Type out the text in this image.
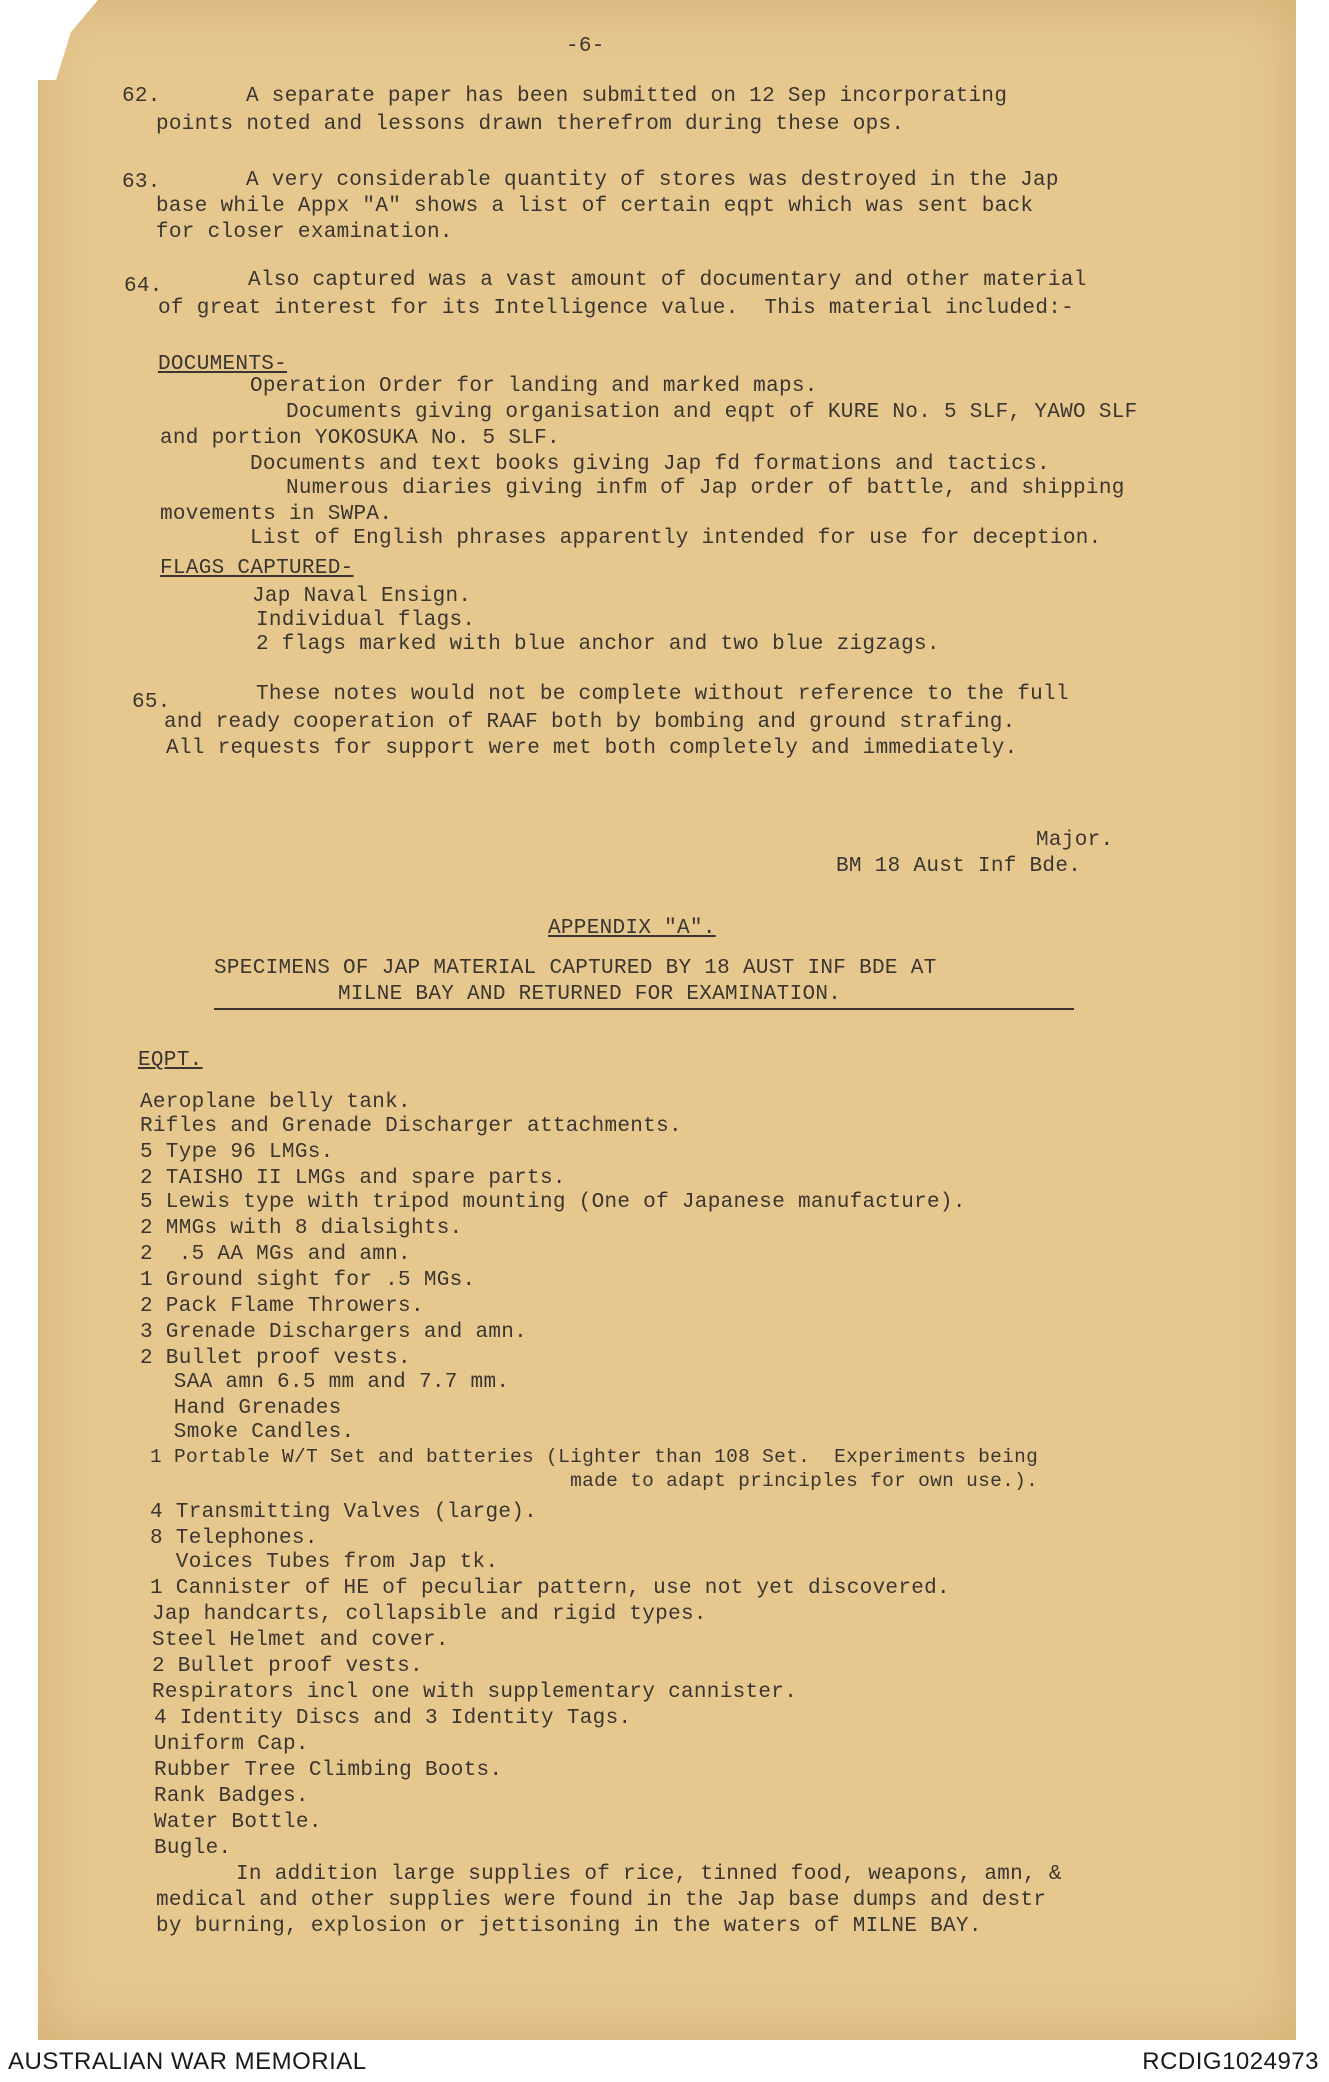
-6-
62.	A separate paper has been submitted on 12 Sep incorporating
points noted and lessons drawn therefrom during these ops.
63.	A very considerable quantity of stores was destroyed in the Jap
base while Appx "A" shows a list of certain eqpt which was sent back
for closer examination.
64.	Also captured was a vast amount of documentary and other material
of great interest for its Intelligence value.  This material included:-
DOCUMENTS-
Operation Order for landing and marked maps.
Documents giving organisation and eqpt of KURE No. 5 SLF, YAWO SLF
and portion YOKOSUKA No. 5 SLF.
Documents and text books giving Jap fd formations and tactics.
Numerous diaries giving infm of Jap order of battle, and shipping
movements in SWPA.
List of English phrases apparently intended for use for deception.
FLAGS CAPTURED-
Jap Naval Ensign.
Individual flags.
2 flags marked with blue anchor and two blue zigzags.
65.	These notes would not be complete without reference to the full
and ready cooperation of RAAF both by bombing and ground strafing.
All requests for support were met both completely and immediately.
Major.
BM 18 Aust Inf Bde.
APPENDIX "A".
SPECIMENS OF JAP MATERIAL CAPTURED BY 18 AUST INF BDE AT
MILNE BAY AND RETURNED FOR EXAMINATION.
EQPT.
Aeroplane belly tank.
Rifles and Grenade Discharger attachments.
5 Type 96 LMGs.
2 TAISHO II LMGs and spare parts.
5 Lewis type with tripod mounting (One of Japanese manufacture).
2 MMGs with 8 dialsights.
2  .5 AA MGs and amn.
1 Ground sight for .5 MGs.
2 Pack Flame Throwers.
3 Grenade Dischargers and amn.
2 Bullet proof vests.
SAA amn 6.5 mm and 7.7 mm.
Hand Grenades
Smoke Candles.
1 Portable W/T Set and batteries (Lighter than 108 Set.  Experiments being
made to adapt principles for own use.).
4 Transmitting Valves (large).
8 Telephones.
Voices Tubes from Jap tk.
1 Cannister of HE of peculiar pattern, use not yet discovered.
Jap handcarts, collapsible and rigid types.
Steel Helmet and cover.
2 Bullet proof vests.
Respirators incl one with supplementary cannister.
4 Identity Discs and 3 Identity Tags.
Uniform Cap.
Rubber Tree Climbing Boots.
Rank Badges.
Water Bottle.
Bugle.
In addition large supplies of rice, tinned food, weapons, amn, &
medical and other supplies were found in the Jap base dumps and destr
by burning, explosion or jettisoning in the waters of MILNE BAY.
AUSTRALIAN WAR MEMORIAL	RCDIG1024973
